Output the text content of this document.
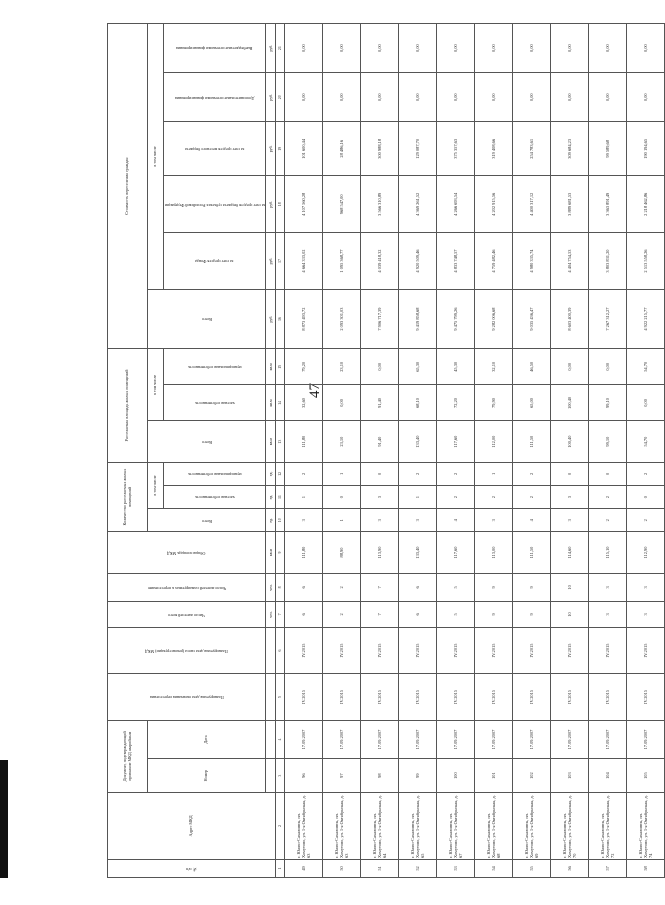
47
№ п/п	Адрес МКД	Документ, подтверждающий признание МКД аварийным		Планируемая дата окончания переселения	Планируемая дата сноса (реконструкции) МКД	Число жителей всего	Число жителей планируемых к переселению	Общая площадь МКД	Количество расселяемых жилых помещений			Расселяемая площадь жилых помещений			Стоимость переселения граждан					
		Номер	Дата						Всего	в том числе		Всего	в том числе		Всего	в том числе				

										частная собственность	муниципальная собственность		частная собственность	муниципальная собственность		за счет средств Фонда	за счет средств бюджета субъекта Российской Федерации	за счет средств местного бюджета	Дополнительные источники финансирования	Внебюджетные источники финансирования

						чел.	чел.	кв.м	ед.	ед.	ед.	кв.м	кв.м	кв.м	руб.	руб.	руб.	руб.	руб.	руб.
1	2	3	4	5	6	7	8	9	10	11	12	13	14	15	16	17	18	19	20	21
49	г. Южно-Сахалинск, пл. Хомутово, ул. 1-я Октябрьская, д. 63	96	17.09.2007	IV.2015	IV.2015	6	6	111,80	3	1	2	111,80	32,60	79,20	8 873 493,72	4 664 333,02	4 107 560,28	101 600,44	0,00	0,00
50	г. Южно-Сахалинск, пл. Хомутово, ул. 1-я Октябрьская, д. 63	97	17.09.2007	IV.2015	IV.2015	2	2	88,90	1	0	1	23,10	0,00	23,10	2 093 301,03	1 095 368,77	968 547,00	28 486,16	0,00	0,00
51	г. Южно-Сахалинск, пл. Хомутово, ул. 1-я Октябрьская, д. 64	98	17.09.2007	IV.2015	IV.2015	7	7	113,90	3	3	0	91,40	91,40	0,00	7 906 717,39	4 039 418,32	3 566 310,89	300 988,18	0,00	0,00
52	г. Южно-Сахалинск, пл. Хомутово, ул. 1-я Октябрьская, д. 65	99	17.09.2007	IV.2015	IV.2015	6	6	133,40	3	1	2	133,40	68,10	65,30	9 419 858,68	4 920 509,46	4 369 261,52	129 087,70	0,00	0,00
53	г. Южно-Сахалинск, пл. Хомутово, ул. 1-я Октябрьская, д. 67	100	17.09.2007	IV.2015	IV.2015	5	5	117,60	4	2	2	117,60	72,20	45,30	9 475 799,26	4 833 748,57	4 266 693,54	375 357,63	0,00	0,00
54	г. Южно-Сахалинск, пл. Хомутово, ул. 1-я Октябрьская, д. 68	101	17.09.2007	IV.2015	IV.2015	9	9	113,00	3	2	1	112,00	79,90	32,10	9 282 006,68	4 759 482,46	4 202 915,56	319 408,66	0,00	0,00
55	г. Южно-Сахалинск, пл. Хомутово, ул. 1-я Октябрьская, д. 69	102	17.09.2007	IV.2015	IV.2015	9	9	111,50	4	2	2	111,50	65,00	46,50	9 035 436,47	4 980 335,74	4 400 317,12	254 783,61	0,00	0,00
56	г. Южно-Сахалинск, пл. Хомутово, ул. 1-я Октябрьская, д. 70	103	17.09.2007	IV.2015	IV.2015	10	10	114,60	3	3	0	100,40	100,40	0,00	8 603 400,39	4 404 754,53	3 889 681,53	309 684,23	0,00	0,00
57	г. Южно-Сахалинск, пл. Хомутово, ул. 1-я Октябрьская, д. 72	104	17.09.2007	IV.2015	IV.2015	3	3	115,10	2	2	0	99,10	99,10	0,00	7 267 312,27	3 803 831,20	3 363 891,49	99 589,68	0,00	0,00
58	г. Южно-Сахалинск, пл. Хомутово, ул. 1-я Октябрьская, д. 74	105	17.09.2007	IV.2015	IV.2015	3	3	112,90	2	0	2	54,70	0,00	54,70	4 922 215,77	2 513 558,26	2 218 462,86	190 194,65	0,00	0,00
